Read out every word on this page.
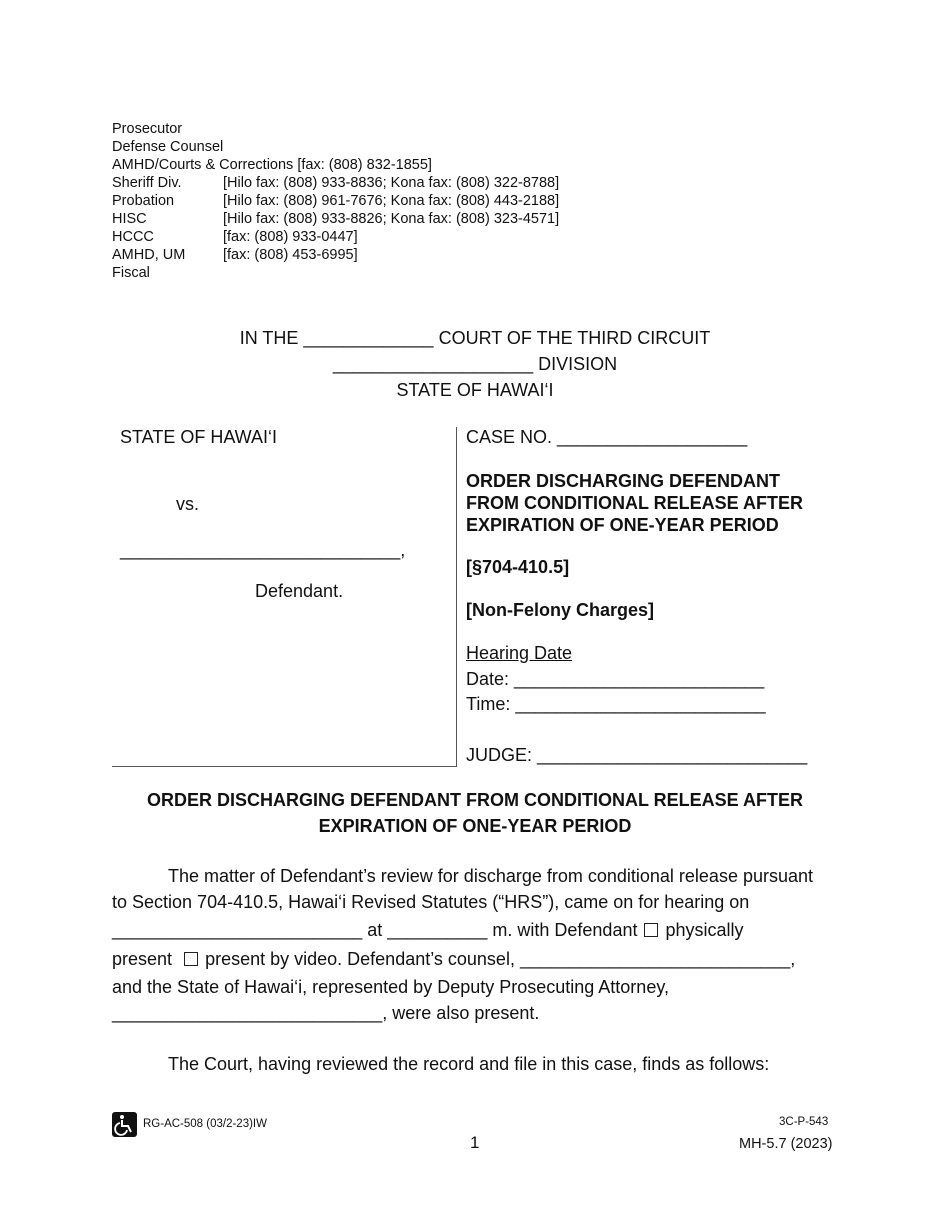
Prosecutor
Defense Counsel
AMHD/Courts & Corrections [fax: (808) 832-1855]
Sheriff Div.	[Hilo fax: (808) 933-8836; Kona fax: (808) 322-8788]
Probation	[Hilo fax: (808) 961-7676; Kona fax: (808) 443-2188]
HISC	[Hilo fax: (808) 933-8826; Kona fax: (808) 323-4571]
HCCC	[fax: (808) 933-0447]
AMHD, UM	[fax: (808) 453-6995]
Fiscal
IN THE _____________ COURT OF THE THIRD CIRCUIT
____________________ DIVISION
STATE OF HAWAI‘I
STATE OF HAWAI‘I
vs.
____________________________,
Defendant.
CASE NO. ___________________
ORDER DISCHARGING DEFENDANT
FROM CONDITIONAL RELEASE AFTER
EXPIRATION OF ONE-YEAR PERIOD
[§704-410.5]
[Non-Felony Charges]
Hearing Date
Date: _________________________
Time: _________________________
JUDGE: ___________________________
ORDER DISCHARGING DEFENDANT FROM CONDITIONAL RELEASE AFTER
EXPIRATION OF ONE-YEAR PERIOD
The matter of Defendant’s review for discharge from conditional release pursuant
to Section 704-410.5, Hawai‘i Revised Statutes (“HRS”), came on for hearing on
_________________________ at __________ m. with Defendant physically
present present by video. Defendant’s counsel, ___________________________,
and the State of Hawai‘i, represented by Deputy Prosecuting Attorney,
___________________________, were also present.
The Court, having reviewed the record and file in this case, finds as follows:
RG-AC-508 (03/2-23)IW
1
3C-P-543
MH-5.7 (2023)
